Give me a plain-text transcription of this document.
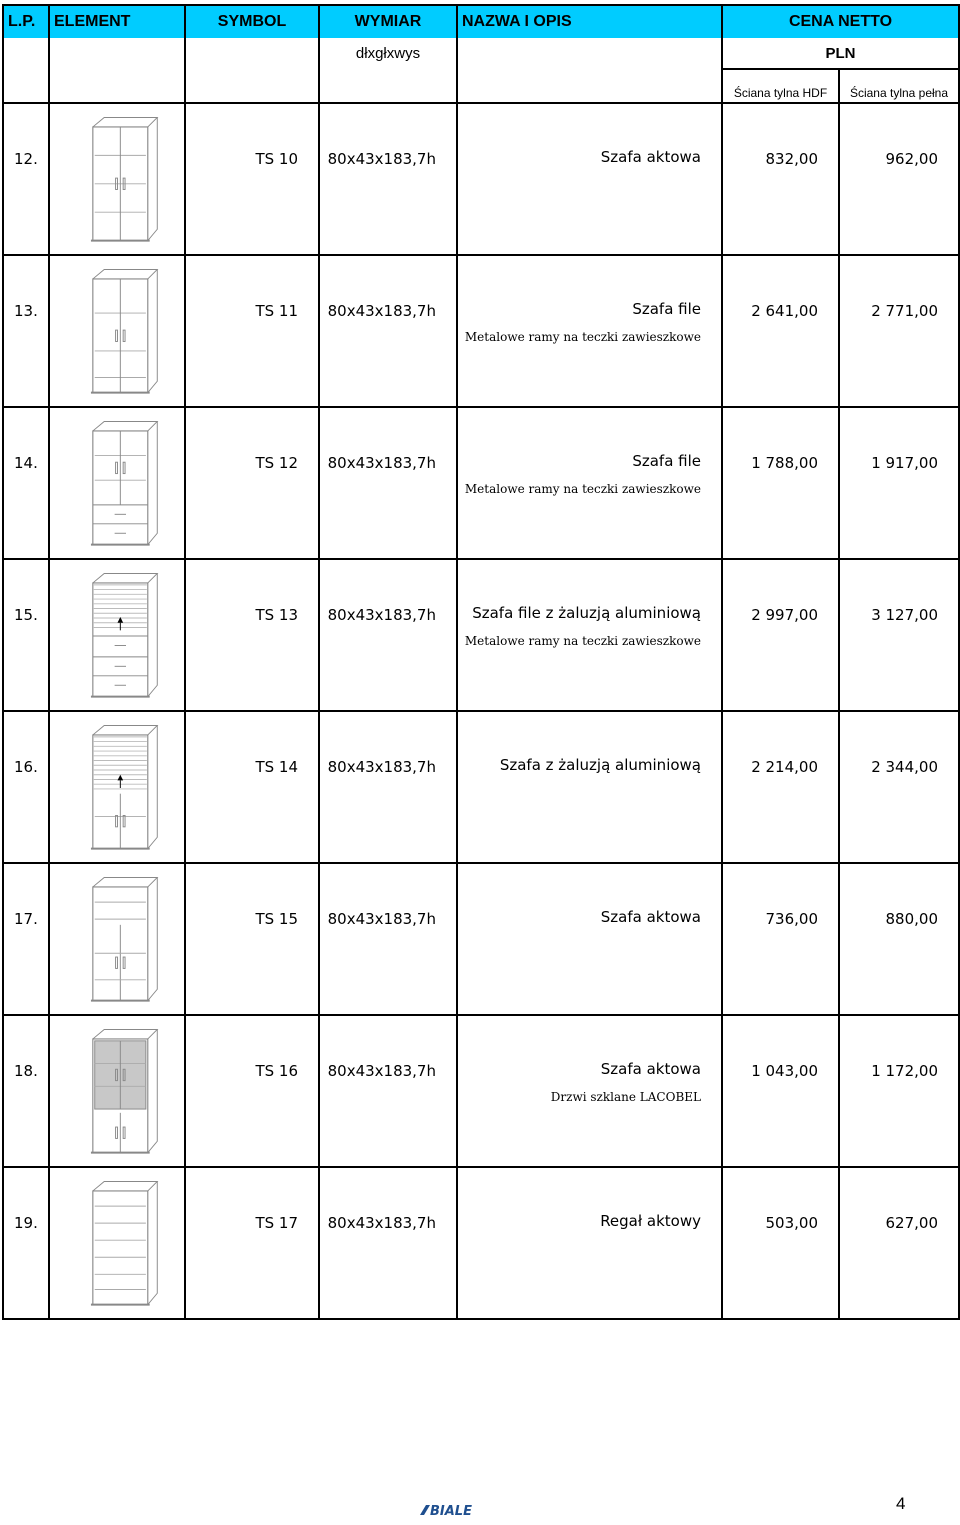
L.P.	ELEMENT	SYMBOL	WYMIAR	NAZWA I OPIS	CENA NETTO	
			dłxgłxwys		PLN	
					Ściana tylna HDF	Ściana tylna pełna

12.		TS 10	80x43x183,7h	Szafa aktowa	832,00	962,00

13.		TS 11	80x43x183,7h	Szafa file
Metalowe ramy na teczki zawieszkowe	2 641,00	2 771,00

14.		TS 12	80x43x183,7h	Szafa file
Metalowe ramy na teczki zawieszkowe	1 788,00	1 917,00

15.		TS 13	80x43x183,7h	Szafa file z żaluzją aluminiową
Metalowe ramy na teczki zawieszkowe	2 997,00	3 127,00

16.		TS 14	80x43x183,7h	Szafa z żaluzją aluminiową	2 214,00	2 344,00

17.		TS 15	80x43x183,7h	Szafa aktowa	736,00	880,00

18.		TS 16	80x43x183,7h	Szafa aktowa
Drzwi szklane LACOBEL	1 043,00	1 172,00

19.		TS 17	80x43x183,7h	Regał aktowy	503,00	627,00
BIALE	4
